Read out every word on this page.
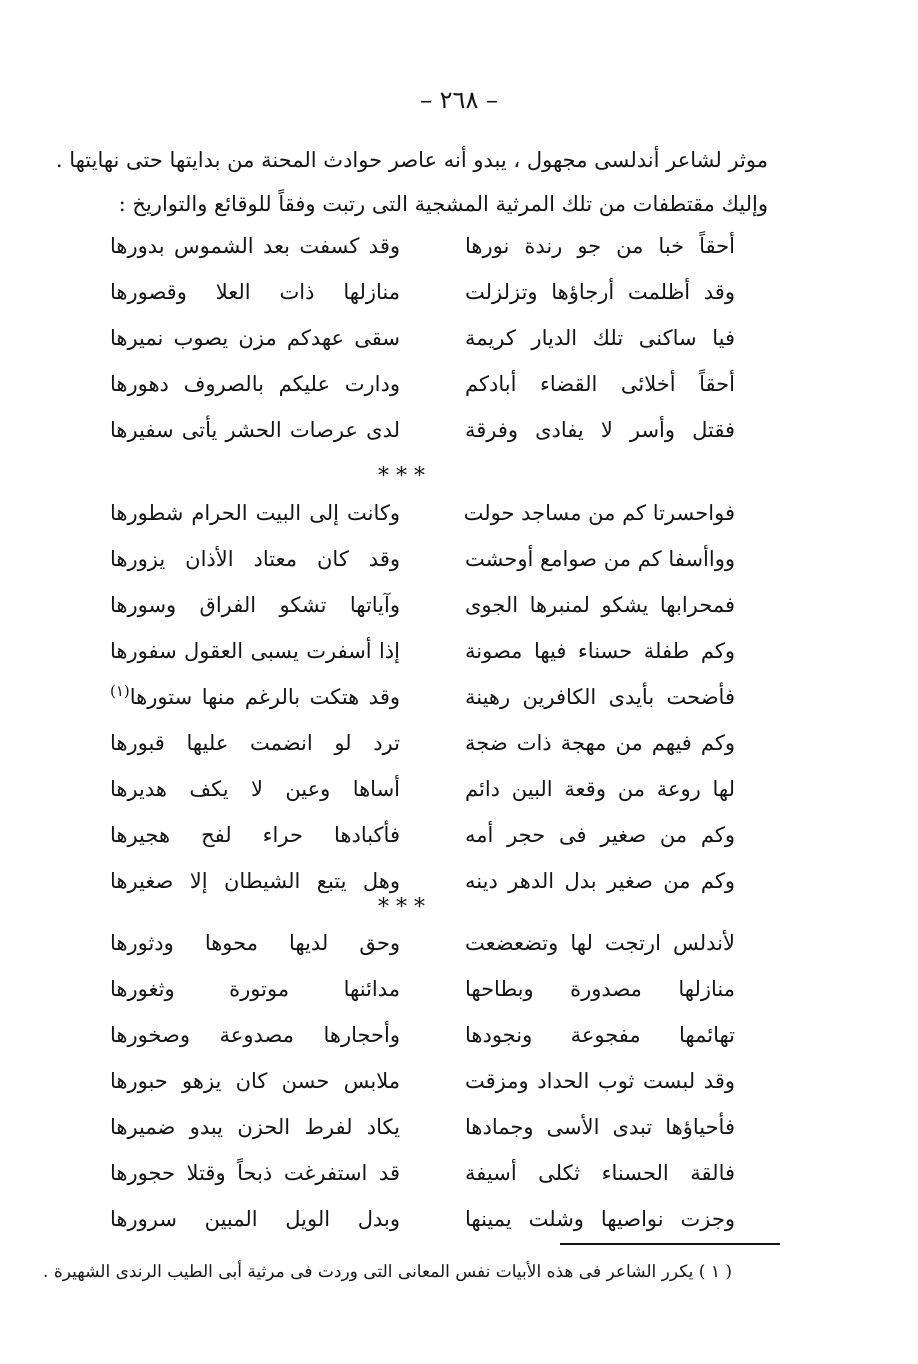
– ٢٦٨ –

موثر لشاعر أندلسى مجهول ، يبدو أنه عاصر حوادث المحنة من بدايتها حتى نهايتها .

وإليك مقتطفات من تلك المرثية المشجية التى رتبت وفقاً للوقائع والتواريخ :

أحقاً خبا من جو رندة نورها
وقد كسفت بعد الشموس بدورها
وقد أظلمت أرجاؤها وتزلزلت
منازلها ذات العلا وقصورها
فيا ساكنى تلك الديار كريمة
سقى عهدكم مزن يصوب نميرها
أحقاً أخلائى القضاء أبادكم
ودارت عليكم بالصروف دهورها
فقتل وأسر لا يفادى وفرقة
لدى عرصات الحشر يأتى سفيرها
* * *
فواحسرتا كم من مساجد حولت
وكانت إلى البيت الحرام شطورها
وواأسفا كم من صوامع أوحشت
وقد كان معتاد الأذان يزورها
فمحرابها يشكو لمنبرها الجوى
وآياتها تشكو الفراق وسورها
وكم طفلة حسناء فيها مصونة
إذا أسفرت يسبى العقول سفورها
فأضحت بأيدى الكافرين رهينة
وقد هتكت بالرغم منها ستورها$^{(١)}$
وكم فيهم من مهجة ذات ضجة
ترد لو انضمت عليها قبورها
لها روعة من وقعة البين دائم
أساها وعين لا يكف هديرها
وكم من صغير فى حجر أمه
فأكبادها حراء لفح هجيرها
وكم من صغير بدل الدهر دينه
وهل يتبع الشيطان إلا صغيرها
* * *
لأندلس ارتجت لها وتضعضعت
وحق لديها محوها ودثورها
منازلها مصدورة وبطاحها
مدائنها موتورة وثغورها
تهائمها مفجوعة ونجودها
وأحجارها مصدوعة وصخورها
وقد لبست ثوب الحداد ومزقت
ملابس حسن كان يزهو حبورها
فأحياؤها تبدى الأسى وجمادها
يكاد لفرط الحزن يبدو ضميرها
فالقة الحسناء ثكلى أسيفة
قد استفرغت ذبحاً وقتلا حجورها
وجزت نواصيها وشلت يمينها
وبدل الويل المبين سرورها
( ١ ) يكرر الشاعر فى هذه الأبيات نفس المعانى التى وردت فى مرثية أبى الطيب الرندى الشهيرة .
